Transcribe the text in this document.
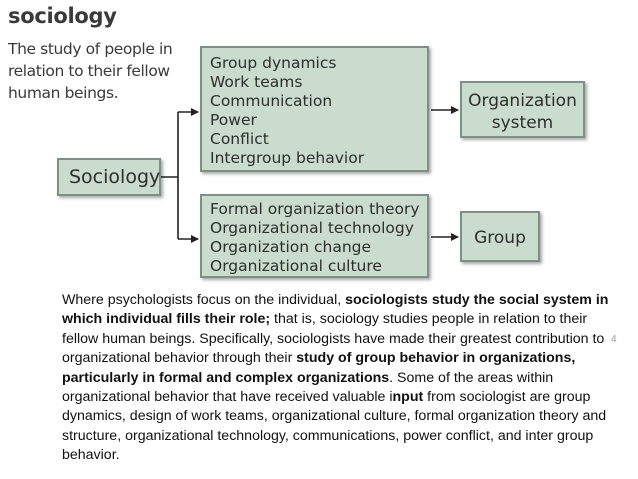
sociology
The study of people in relation to their fellow human beings.
Sociology
Group dynamics
Work teams
Communication
Power
Conflict
Intergroup behavior
Formal organization theory
Organizational technology
Organization change
Organizational culture
Organization
system
Group
Where psychologists focus on the individual, sociologists study the social system in which individual fills their role; that is, sociology studies people in relation to their fellow human beings. Specifically, sociologists have made their greatest contribution to organizational behavior through their study of group behavior in organizations, particularly in formal and complex organizations. Some of the areas within organizational behavior that have received valuable input from sociologist are group dynamics, design of work teams, organizational culture, formal organization theory and structure, organizational technology, communications, power conflict, and inter group behavior.
4
